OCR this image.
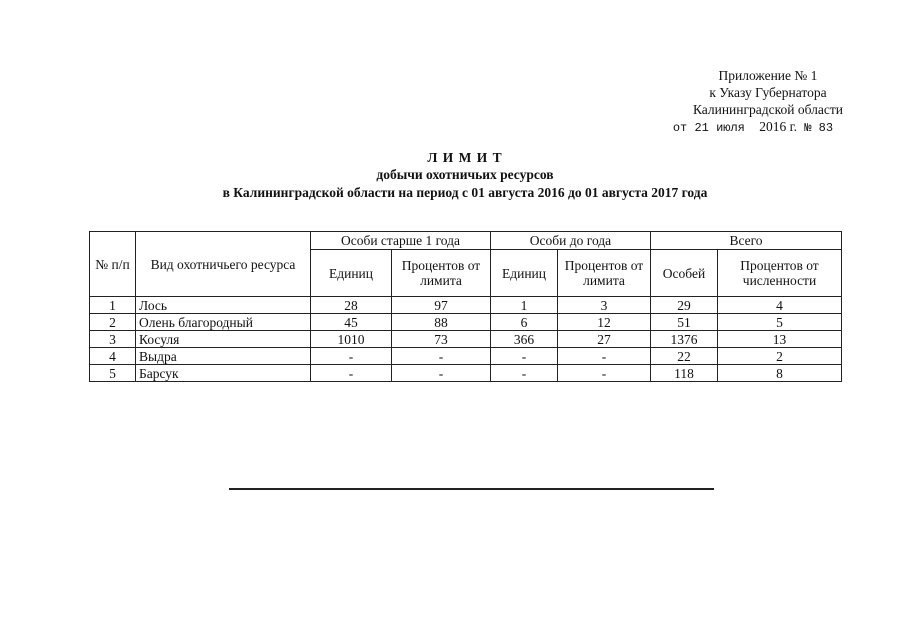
Приложение № 1
к Указу Губернатора
Калининградской области
от 21 июля 2016 г. № 83
Л И М И Т
добычи охотничьих ресурсов
в Калининградской области на период с 01 августа 2016 до 01 августа 2017 года
№ п/п	Вид охотничьего ресурса	Особи старше 1 года		Особи до года		Всего	
		Единиц	Процентов от лимита	Единиц	Процентов от лимита	Особей	Процентов от численности
1	Лось	28	97	1	3	29	4
2	Олень благородный	45	88	6	12	51	5
3	Косуля	1010	73	366	27	1376	13
4	Выдра	-	-	-	-	22	2
5	Барсук	-	-	-	-	118	8
